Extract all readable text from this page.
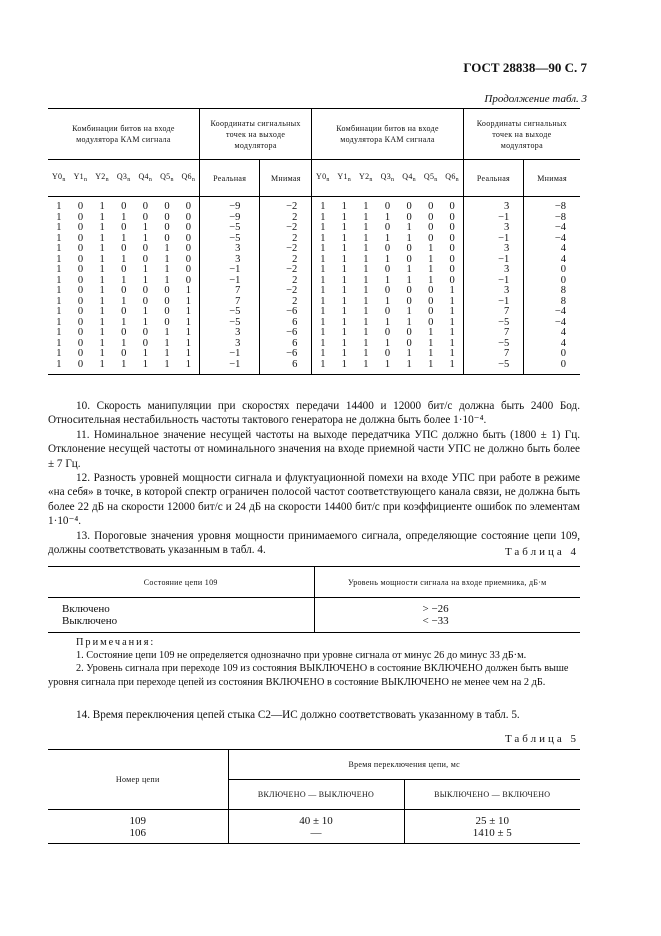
ГОСТ 28838—90 С. 7
Продолжение табл. 3
Комбинации битов на входе модулятора КАМ сигнала							Координаты сигнальных точек на выходе модулятора		Комбинации битов на входе модулятора КАМ сигнала							Координаты сигнальных точек на выходе модулятора	
$Y0_n$	$Y1_n$	$Y2_n$	$Q3_n$	$Q4_n$	$Q5_n$	$Q6_n$	Реальная	Мнимая	$Y0_n$	$Y1_n$	$Y2_n$	$Q3_n$	$Q4_n$	$Q5_n$	$Q6_n$	Реальная	Мнимая
1	0	1	0	0	0	0	−9	−2	1	1	1	0	0	0	0	3	−8
1	0	1	1	0	0	0	−9	2	1	1	1	1	0	0	0	−1	−8
1	0	1	0	1	0	0	−5	−2	1	1	1	0	1	0	0	3	−4
1	0	1	1	1	0	0	−5	2	1	1	1	1	1	0	0	−1	−4
1	0	1	0	0	1	0	3	−2	1	1	1	0	0	1	0	3	4
1	0	1	1	0	1	0	3	2	1	1	1	1	0	1	0	−1	4
1	0	1	0	1	1	0	−1	−2	1	1	1	0	1	1	0	3	0
1	0	1	1	1	1	0	−1	2	1	1	1	1	1	1	0	−1	0
1	0	1	0	0	0	1	7	−2	1	1	1	0	0	0	1	3	8
1	0	1	1	0	0	1	7	2	1	1	1	1	0	0	1	−1	8
1	0	1	0	1	0	1	−5	−6	1	1	1	0	1	0	1	7	−4
1	0	1	1	1	0	1	−5	6	1	1	1	1	1	0	1	−5	−4
1	0	1	0	0	1	1	3	−6	1	1	1	0	0	1	1	7	4
1	0	1	1	0	1	1	3	6	1	1	1	1	0	1	1	−5	4
1	0	1	0	1	1	1	−1	−6	1	1	1	0	1	1	1	7	0
1	0	1	1	1	1	1	−1	6	1	1	1	1	1	1	1	−5	0

10. Скорость манипуляции при скоростях передачи 14400 и 12000 бит/с должна быть 2400 Бод. Относительная нестабильность частоты тактового генератора не должна быть более 1·10⁻⁴.

11. Номинальное значение несущей частоты на выходе передатчика УПС должно быть (1800 ± 1) Гц. Отклонение несущей частоты от номинального значения на входе приемной части УПС не должно быть более ± 7 Гц.

12. Разность уровней мощности сигнала и флуктуационной помехи на входе УПС при работе в режиме «на себя» в точке, в которой спектр ограничен полосой частот соответствующего канала связи, не должна быть более 22 дБ на скорости 12000 бит/с и 24 дБ на скорости 14400 бит/с при коэффициенте ошибок по элементам 1·10⁻⁴.

13. Пороговые значения уровня мощности принимаемого сигнала, определяющие состояние цепи 109, должны соответствовать указанным в табл. 4.	Таблица 4
Состояние цепи 109	Уровень мощности сигнала на входе приемника, дБ·м
Включено	> −26
Выключено	< −33

Примечания:

1. Состояние цепи 109 не определяется однозначно при уровне сигнала от минус 26 до минус 33 дБ·м.

2. Уровень сигнала при переходе 109 из состояния ВЫКЛЮЧЕНО в состояние ВКЛЮЧЕНО должен быть выше уровня сигнала при переходе цепей из состояния ВКЛЮЧЕНО в состояние ВЫКЛЮЧЕНО не менее чем на 2 дБ.

14. Время переключения цепей стыка С2—ИС должно соответствовать указанному в табл. 5.

Таблица 5
Номер цепи	Время переключения цепи, мс	
	ВКЛЮЧЕНО — ВЫКЛЮЧЕНО	ВЫКЛЮЧЕНО — ВКЛЮЧЕНО
109	40 ± 10	25 ± 10
106	—	1410 ± 5
